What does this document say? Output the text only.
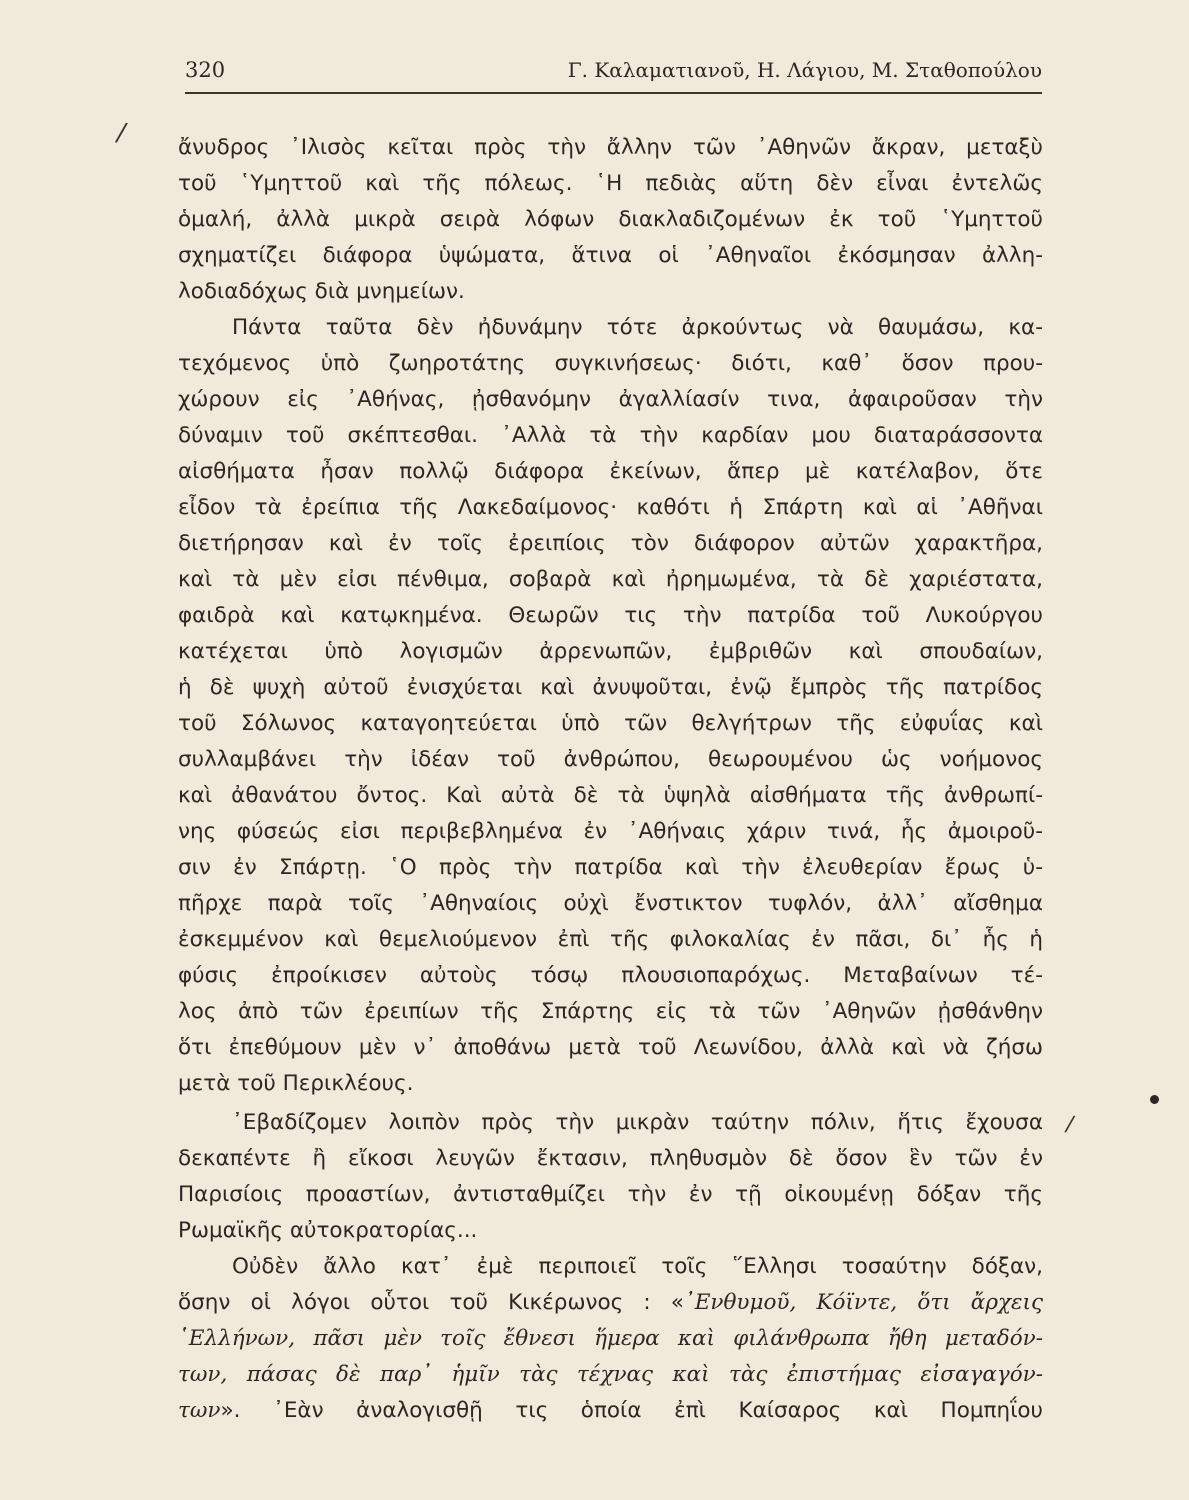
320	Γ. Καλαματιανοῦ, Η. Λάγιου, Μ. Σταθοπούλου
/
/
ἄνυδρος ᾿Ιλισὸς κεῖται πρὸς τὴν ἄλλην τῶν ᾿Αθηνῶν ἄκραν, μεταξὺ
τοῦ ῾Υμηττοῦ καὶ τῆς πόλεως. ῾Η πεδιὰς αὕτη δὲν εἶναι ἐντελῶς
ὁμαλή, ἀλλὰ μικρὰ σειρὰ λόφων διακλαδιζομένων ἐκ τοῦ ῾Υμηττοῦ
σχηματίζει διάφορα ὑψώματα, ἅτινα οἱ ᾿Αθηναῖοι ἐκόσμησαν ἀλλη-
λοδιαδόχως διὰ μνημείων.
Πάντα ταῦτα δὲν ἠδυνάμην τότε ἀρκούντως νὰ θαυμάσω, κα-
τεχόμενος ὑπὸ ζωηροτάτης συγκινήσεως· διότι, καθ᾿ ὅσον πρου-
χώρουν εἰς ᾿Αθήνας, ᾐσθανόμην ἀγαλλίασίν τινα, ἀφαιροῦσαν τὴν
δύναμιν τοῦ σκέπτεσθαι. ᾿Αλλὰ τὰ τὴν καρδίαν μου διαταράσσοντα
αἰσθήματα ἦσαν πολλῷ διάφορα ἐκείνων, ἅπερ μὲ κατέλαβον, ὅτε
εἶδον τὰ ἐρείπια τῆς Λακεδαίμονος· καθότι ἡ Σπάρτη καὶ αἱ ᾿Αθῆναι
διετήρησαν καὶ ἐν τοῖς ἐρειπίοις τὸν διάφορον αὐτῶν χαρακτῆρα,
καὶ τὰ μὲν εἰσι πένθιμα, σοβαρὰ καὶ ἠρημωμένα, τὰ δὲ χαριέστατα,
φαιδρὰ καὶ κατῳκημένα. Θεωρῶν τις τὴν πατρίδα τοῦ Λυκούργου
κατέχεται ὑπὸ λογισμῶν ἀρρενωπῶν, ἐμβριθῶν καὶ σπουδαίων,
ἡ δὲ ψυχὴ αὐτοῦ ἐνισχύεται καὶ ἀνυψοῦται, ἐνῷ ἔμπρὸς τῆς πατρίδος
τοῦ Σόλωνος καταγοητεύεται ὑπὸ τῶν θελγήτρων τῆς εὐφυΐας καὶ
συλλαμβάνει τὴν ἰδέαν τοῦ ἀνθρώπου, θεωρουμένου ὡς νοήμονος
καὶ ἀθανάτου ὄντος. Καὶ αὐτὰ δὲ τὰ ὑψηλὰ αἰσθήματα τῆς ἀνθρωπί-
νης φύσεώς εἰσι περιβεβλημένα ἐν ᾿Αθήναις χάριν τινά, ἧς ἀμοιροῦ-
σιν ἐν Σπάρτῃ. ῾Ο πρὸς τὴν πατρίδα καὶ τὴν ἐλευθερίαν ἔρως ὑ-
πῆρχε παρὰ τοῖς ᾿Αθηναίοις οὐχὶ ἔνστικτον τυφλόν, ἀλλ᾿ αἴσθημα
ἐσκεμμένον καὶ θεμελιούμενον ἐπὶ τῆς φιλοκαλίας ἐν πᾶσι, δι᾿ ἧς ἡ
φύσις ἐπροίκισεν αὐτοὺς τόσῳ πλουσιοπαρόχως. Μεταβαίνων τέ-
λος ἀπὸ τῶν ἐρειπίων τῆς Σπάρτης εἰς τὰ τῶν ᾿Αθηνῶν ᾐσθάνθην
ὅτι ἐπεθύμουν μὲν ν᾿ ἀποθάνω μετὰ τοῦ Λεωνίδου, ἀλλὰ καὶ νὰ ζήσω
μετὰ τοῦ Περικλέους.
᾿Εβαδίζομεν λοιπὸν πρὸς τὴν μικρὰν ταύτην πόλιν, ἥτις ἔχουσα
δεκαπέντε ἢ εἴκοσι λευγῶν ἔκτασιν, πληθυσμὸν δὲ ὅσον ἓν τῶν ἐν
Παρισίοις προαστίων, ἀντισταθμίζει τὴν ἐν τῇ οἰκουμένῃ δόξαν τῆς
Ρωμαϊκῆς αὐτοκρατορίας...
Οὐδὲν ἄλλο κατ᾿ ἐμὲ περιποιεῖ τοῖς ῞Ελλησι τοσαύτην δόξαν,
ὅσην οἱ λόγοι οὗτοι τοῦ Κικέρωνος : «᾿Ενθυμοῦ, Κόϊντε, ὅτι ἄρχεις
῾Ελλήνων, πᾶσι μὲν τοῖς ἔθνεσι ἥμερα καὶ φιλάνθρωπα ἤθη μεταδόν-
των, πάσας δὲ παρ᾿ ἡμῖν τὰς τέχνας καὶ τὰς ἐπιστήμας εἰσαγαγόν-
των». ᾿Εὰν ἀναλογισθῇ τις ὁποία ἐπὶ Καίσαρος καὶ Πομπηΐου
